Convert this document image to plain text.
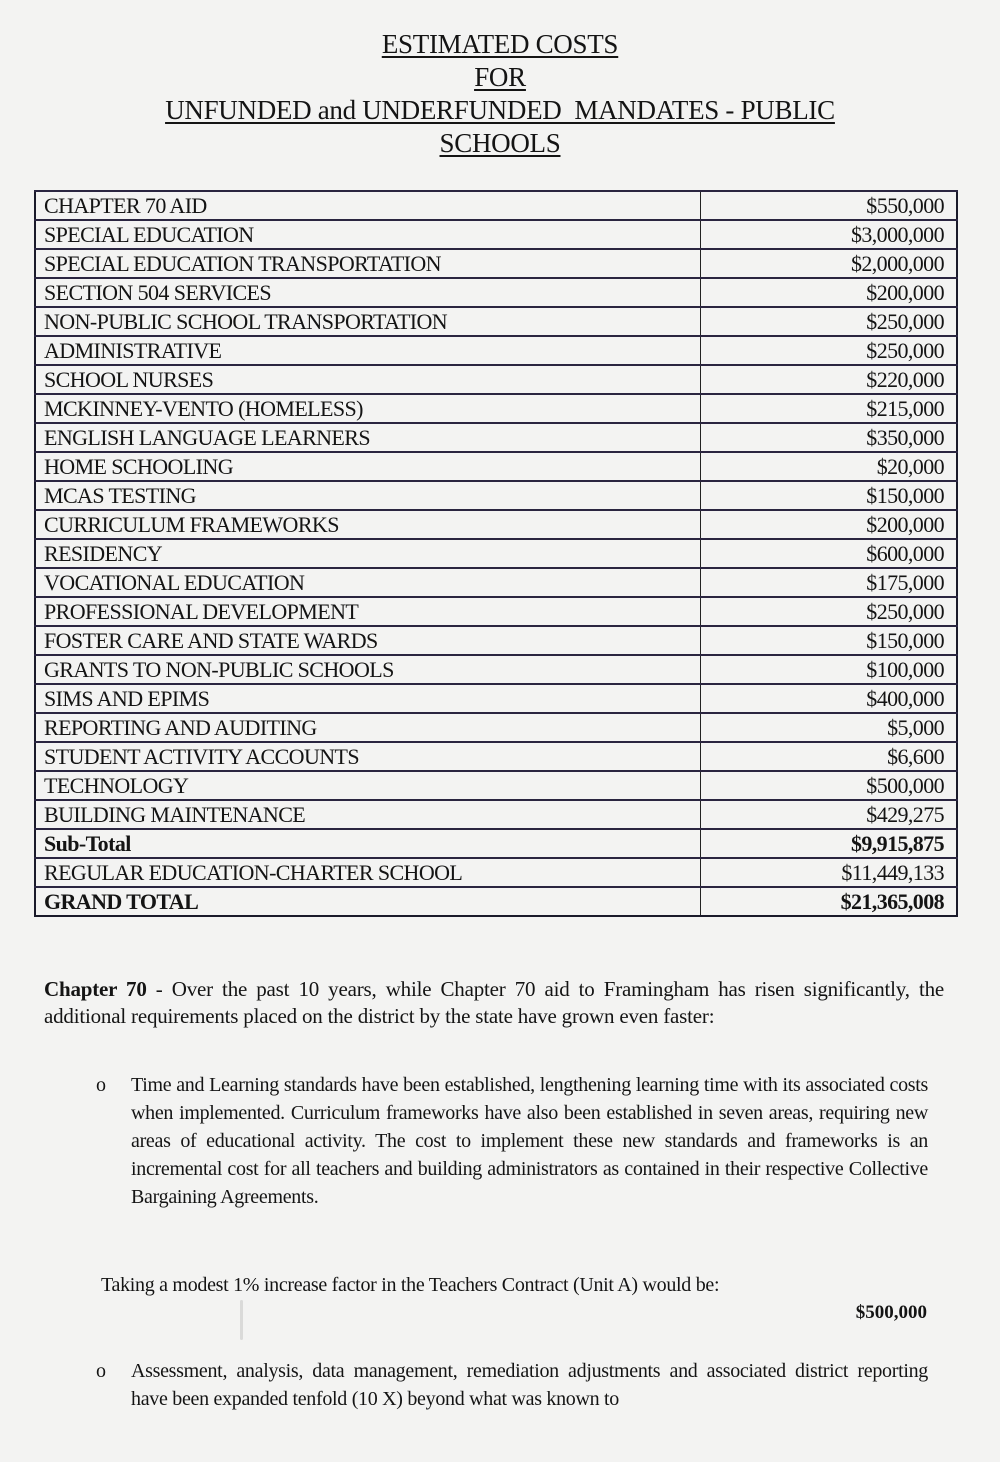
ESTIMATED COSTS
FOR
UNFUNDED and UNDERFUNDED  MANDATES - PUBLIC
SCHOOLS
CHAPTER 70 AID	$550,000
SPECIAL EDUCATION	$3,000,000
SPECIAL EDUCATION TRANSPORTATION	$2,000,000
SECTION 504 SERVICES	$200,000
NON-PUBLIC SCHOOL TRANSPORTATION	$250,000
ADMINISTRATIVE	$250,000
SCHOOL NURSES	$220,000
MCKINNEY-VENTO (HOMELESS)	$215,000
ENGLISH LANGUAGE LEARNERS	$350,000
HOME SCHOOLING	$20,000
MCAS TESTING	$150,000
CURRICULUM FRAMEWORKS	$200,000
RESIDENCY	$600,000
VOCATIONAL EDUCATION	$175,000
PROFESSIONAL DEVELOPMENT	$250,000
FOSTER CARE AND STATE WARDS	$150,000
GRANTS TO NON-PUBLIC SCHOOLS	$100,000
SIMS AND EPIMS	$400,000
REPORTING AND AUDITING	$5,000
STUDENT ACTIVITY ACCOUNTS	$6,600
TECHNOLOGY	$500,000
BUILDING MAINTENANCE	$429,275
Sub-Total	$9,915,875
REGULAR EDUCATION-CHARTER SCHOOL	$11,449,133
GRAND TOTAL	$21,365,008
Chapter 70 - Over the past 10 years, while Chapter 70 aid to Framingham has risen significantly, the additional requirements placed on the district by the state have grown even faster:
o Time and Learning standards have been established, lengthening learning time with its associated costs when implemented. Curriculum frameworks have also been established in seven areas, requiring new areas of educational activity. The cost to implement these new standards and frameworks is an incremental cost for all teachers and building administrators as contained in their respective Collective Bargaining Agreements.
Taking a modest 1% increase factor in the Teachers Contract (Unit A) would be:
$500,000
o Assessment, analysis, data management, remediation adjustments and associated district reporting have been expanded tenfold (10 X) beyond what was known to
